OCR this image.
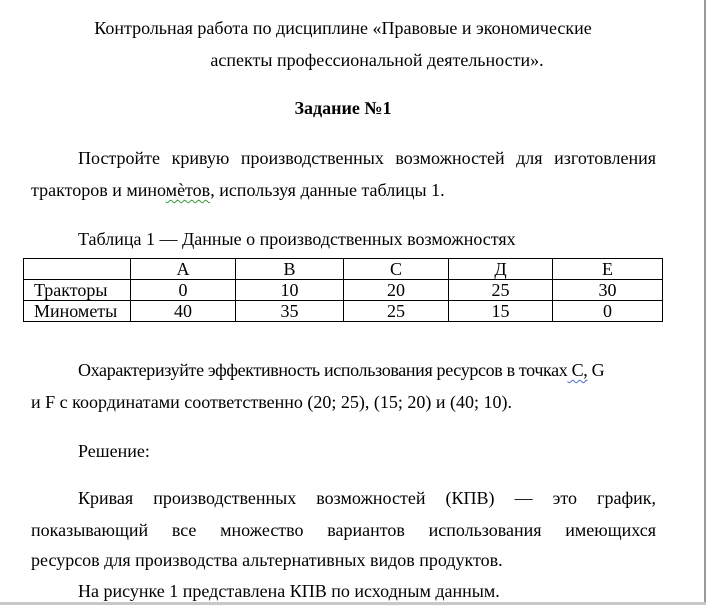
Контрольная работа по дисциплине «Правовые и экономические
аспекты профессиональной деятельности».
Задание №1
Постройте кривую производственных возможностей для изготовления
тракторов и миномѐтов, используя данные таблицы 1.
Таблица 1 — Данные о производственных возможностях
	A	B	C	Д	E
Тракторы	0	10	20	25	30
Минометы	40	35	25	15	0
Охарактеризуйте эффективность использования ресурсов в точках С, G
и F с координатами соответственно (20; 25), (15; 20) и (40; 10).
Решение:
Кривая производственных возможностей (КПВ) — это график,
показывающий все множество вариантов использования имеющихся
ресурсов для производства альтернативных видов продуктов.
На рисунке 1 представлена КПВ по исходным данным.
